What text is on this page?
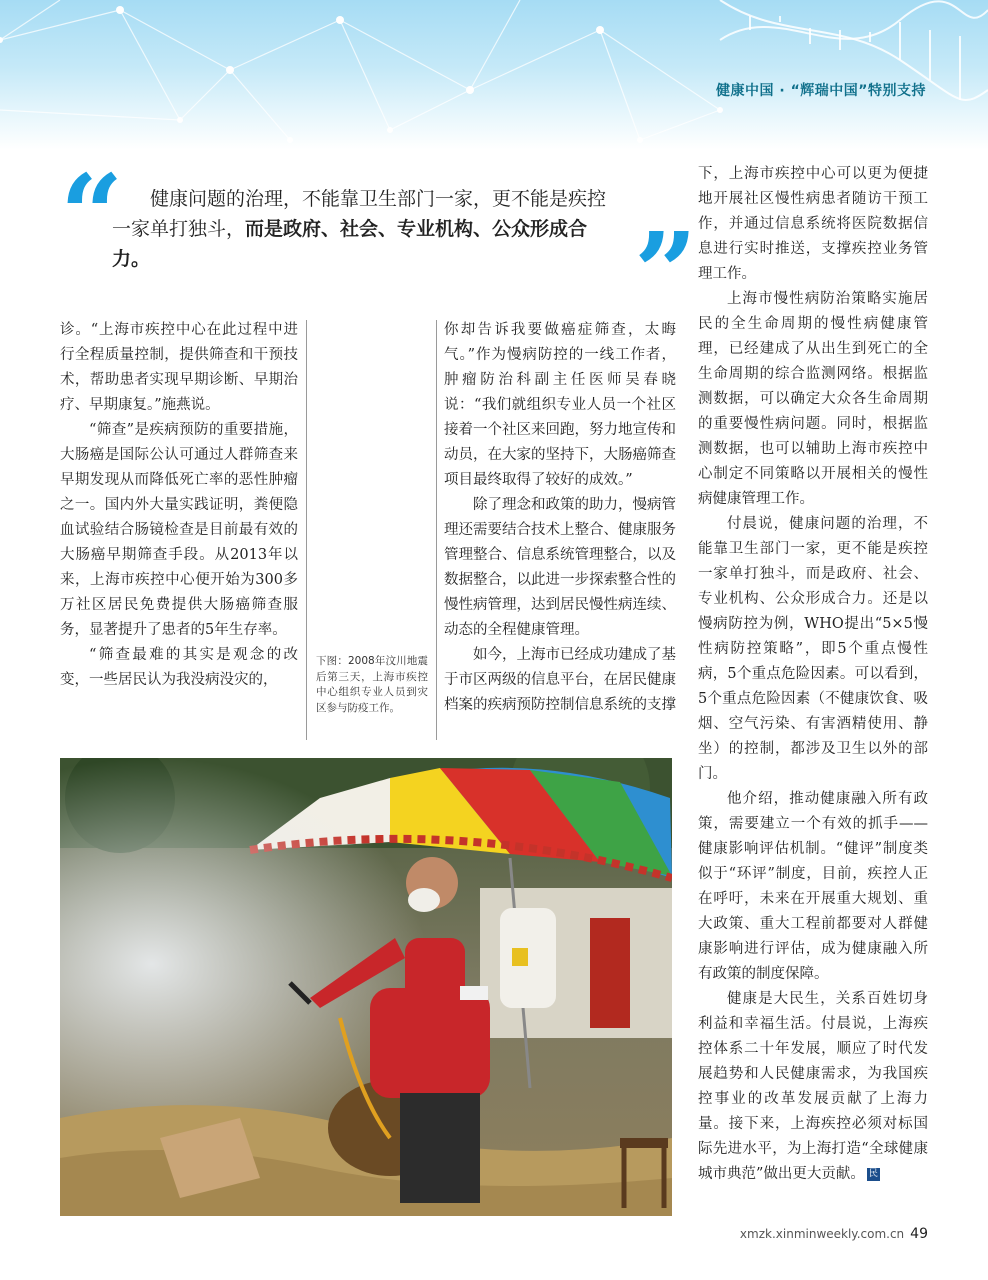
健康中国 · “辉瑞中国”特别支持
“	健康问题的治理，不能靠卫生部门一家，更不能是疾控一家单打独斗，而是政府、社会、专业机构、公众形成合力。	”

诊。“上海市疾控中心在此过程中进行全程质量控制，提供筛查和干预技术，帮助患者实现早期诊断、早期治疗、早期康复。”施燕说。

“筛查”是疾病预防的重要措施，大肠癌是国际公认可通过人群筛查来早期发现从而降低死亡率的恶性肿瘤之一。国内外大量实践证明，粪便隐血试验结合肠镜检查是目前最有效的大肠癌早期筛查手段。从2013年以来，上海市疾控中心便开始为300多万社区居民免费提供大肠癌筛查服务，显著提升了患者的5年生存率。

“筛查最难的其实是观念的改变，一些居民认为我没病没灾的，

下图：2008年汶川地震后第三天，上海市疾控中心组织专业人员到灾区参与防疫工作。

你却告诉我要做癌症筛查，太晦气。”作为慢病防控的一线工作者，肿瘤防治科副主任医师吴春晓说：“我们就组织专业人员一个社区接着一个社区来回跑，努力地宣传和动员，在大家的坚持下，大肠癌筛查项目最终取得了较好的成效。”

除了理念和政策的助力，慢病管理还需要结合技术上整合、健康服务管理整合、信息系统管理整合，以及数据整合，以此进一步探索整合性的慢性病管理，达到居民慢性病连续、动态的全程健康管理。

如今，上海市已经成功建成了基于市区两级的信息平台，在居民健康档案的疾病预防控制信息系统的支撑

下，上海市疾控中心可以更为便捷地开展社区慢性病患者随访干预工作，并通过信息系统将医院数据信息进行实时推送，支撑疾控业务管理工作。

上海市慢性病防治策略实施居民的全生命周期的慢性病健康管理，已经建成了从出生到死亡的全生命周期的综合监测网络。根据监测数据，可以确定大众各生命周期的重要慢性病问题。同时，根据监测数据，也可以辅助上海市疾控中心制定不同策略以开展相关的慢性病健康管理工作。

付晨说，健康问题的治理，不能靠卫生部门一家，更不能是疾控一家单打独斗，而是政府、社会、专业机构、公众形成合力。还是以慢病防控为例，WHO提出“5×5慢性病防控策略”，即5个重点慢性病，5个重点危险因素。可以看到，5个重点危险因素（不健康饮食、吸烟、空气污染、有害酒精使用、静坐）的控制，都涉及卫生以外的部门。

他介绍，推动健康融入所有政策，需要建立一个有效的抓手——健康影响评估机制。“健评”制度类似于“环评”制度，目前，疾控人正在呼吁，未来在开展重大规划、重大政策、重大工程前都要对人群健康影响进行评估，成为健康融入所有政策的制度保障。

健康是大民生，关系百姓切身利益和幸福生活。付晨说，上海疾控体系二十年发展，顺应了时代发展趋势和人民健康需求，为我国疾控事业的改革发展贡献了上海力量。接下来，上海疾控必须对标国际先进水平，为上海打造“全球健康城市典范”做出更大贡献。 民

xmzk.xinminweekly.com.cn 49
